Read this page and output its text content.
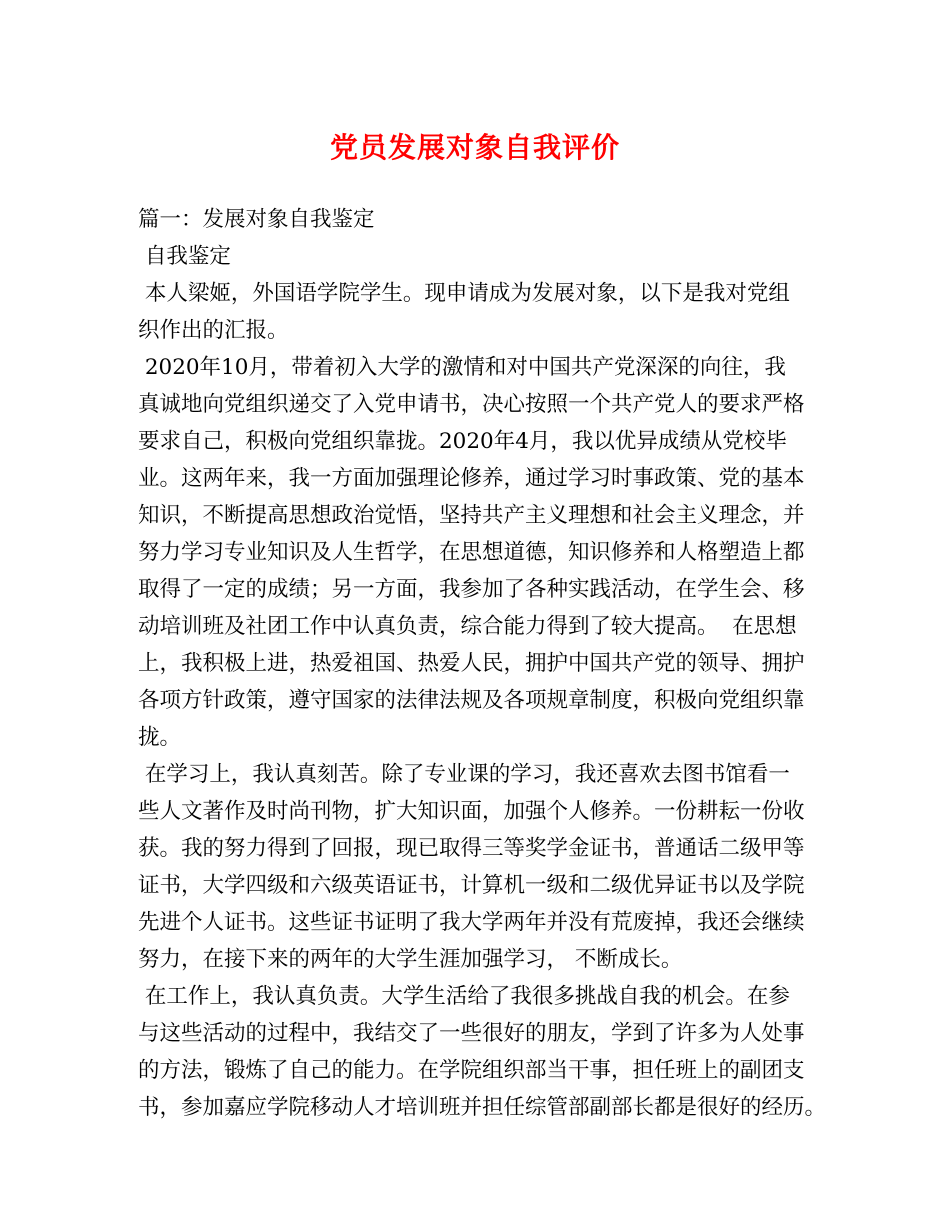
党员发展对象自我评价
篇一：发展对象自我鉴定
自我鉴定
本人梁姬，外国语学院学生。现申请成为发展对象，以下是我对党组
织作出的汇报。
2020年10月，带着初入大学的激情和对中国共产党深深的向往，我
真诚地向党组织递交了入党申请书，决心按照一个共产党人的要求严格
要求自己，积极向党组织靠拢。2020年4月，我以优异成绩从党校毕
业。这两年来，我一方面加强理论修养，通过学习时事政策、党的基本
知识，不断提高思想政治觉悟，坚持共产主义理想和社会主义理念，并
努力学习专业知识及人生哲学，在思想道德，知识修养和人格塑造上都
取得了一定的成绩；另一方面，我参加了各种实践活动，在学生会、移
动培训班及社团工作中认真负责，综合能力得到了较大提高。  在思想
上，我积极上进，热爱祖国、热爱人民，拥护中国共产党的领导、拥护
各项方针政策，遵守国家的法律法规及各项规章制度，积极向党组织靠
拢。
在学习上，我认真刻苦。除了专业课的学习，我还喜欢去图书馆看一
些人文著作及时尚刊物，扩大知识面，加强个人修养。一份耕耘一份收
获。我的努力得到了回报，现已取得三等奖学金证书，普通话二级甲等
证书，大学四级和六级英语证书，计算机一级和二级优异证书以及学院
先进个人证书。这些证书证明了我大学两年并没有荒废掉，我还会继续
努力，在接下来的两年的大学生涯加强学习， 不断成长。
在工作上，我认真负责。大学生活给了我很多挑战自我的机会。在参
与这些活动的过程中，我结交了一些很好的朋友，学到了许多为人处事
的方法，锻炼了自己的能力。在学院组织部当干事，担任班上的副团支
书，参加嘉应学院移动人才培训班并担任综管部副部长都是很好的经历。
